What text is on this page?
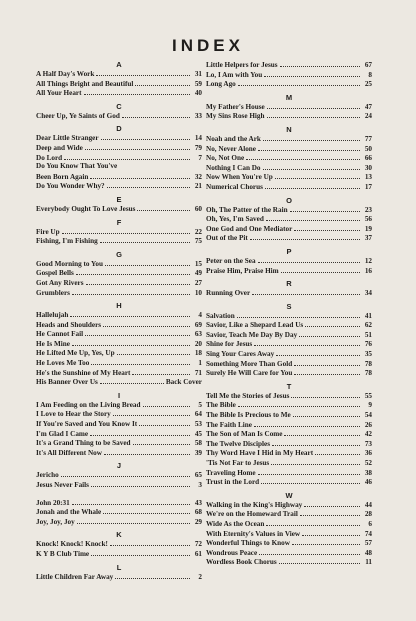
INDEX
A
A Half Day's Work	31
All Things Bright and Beautiful	59
All Your Heart	40
C
Cheer Up, Ye Saints of God	33
D
Dear Little Stranger	14
Deep and Wide	79
Do Lord	7
Do You Know That You've
Been Born Again	32
Do You Wonder Why?	21
E
Everybody Ought To Love Jesus	60
F
Fire Up	22
Fishing, I'm Fishing	75
G
Good Morning to You	15
Gospel Bells	49
Got Any Rivers	27
Grumblers	10
H
Hallelujah	4
Heads and Shoulders	69
He Cannot Fail	63
He Is Mine	20
He Lifted Me Up, Yes, Up	18
He Loves Me Too	1
He's the Sunshine of My Heart	71
His Banner Over Us	Back Cover
I
I Am Feeding on the Living Bread	5
I Love to Hear the Story	64
If You're Saved and You Know It	53
I'm Glad I Came	45
It's a Grand Thing to be Saved	58
It's All Different Now	39
J
Jericho	65
Jesus Never Fails	3
John 20:31	43
Jonah and the Whale	68
Joy, Joy, Joy	29
K
Knock! Knock! Knock!	72
K Y B Club Time	61
L
Little Children Far Away	2
Little Helpers for Jesus	67
Lo, I Am with You	8
Long Ago	25
M
My Father's House	47
My Sins Rose High	24
N
Noah and the Ark	77
No, Never Alone	50
No, Not One	66
Nothing I Can Do	30
Now When You're Up	13
Numerical Chorus	17
O
Oh, The Patter of the Rain	23
Oh, Yes, I'm Saved	56
One God and One Mediator	19
Out of the Pit	37
P
Peter on the Sea	12
Praise Him, Praise Him	16
R
Running Over	34
S
Salvation	41
Savior, Like a Shepard Lead Us	62
Savior, Teach Me Day By Day	51
Shine for Jesus	76
Sing Your Cares Away	35
Something More Than Gold	78
Surely He Will Care for You	78
T
Tell Me the Stories of Jesus	55
The Bible	9
The Bible Is Precious to Me	54
The Faith Line	26
The Son of Man Is Come	42
The Twelve Disciples	73
Thy Word Have I Hid in My Heart	36
'Tis Not Far to Jesus	52
Traveling Home	38
Trust in the Lord	46
W
Walking in the King's Highway	44
We're on the Homeward Trail	28
Wide As the Ocean	6
With Eternity's Values in View	74
Wonderful Things to Know	57
Wondrous Peace	48
Wordless Book Chorus	11
